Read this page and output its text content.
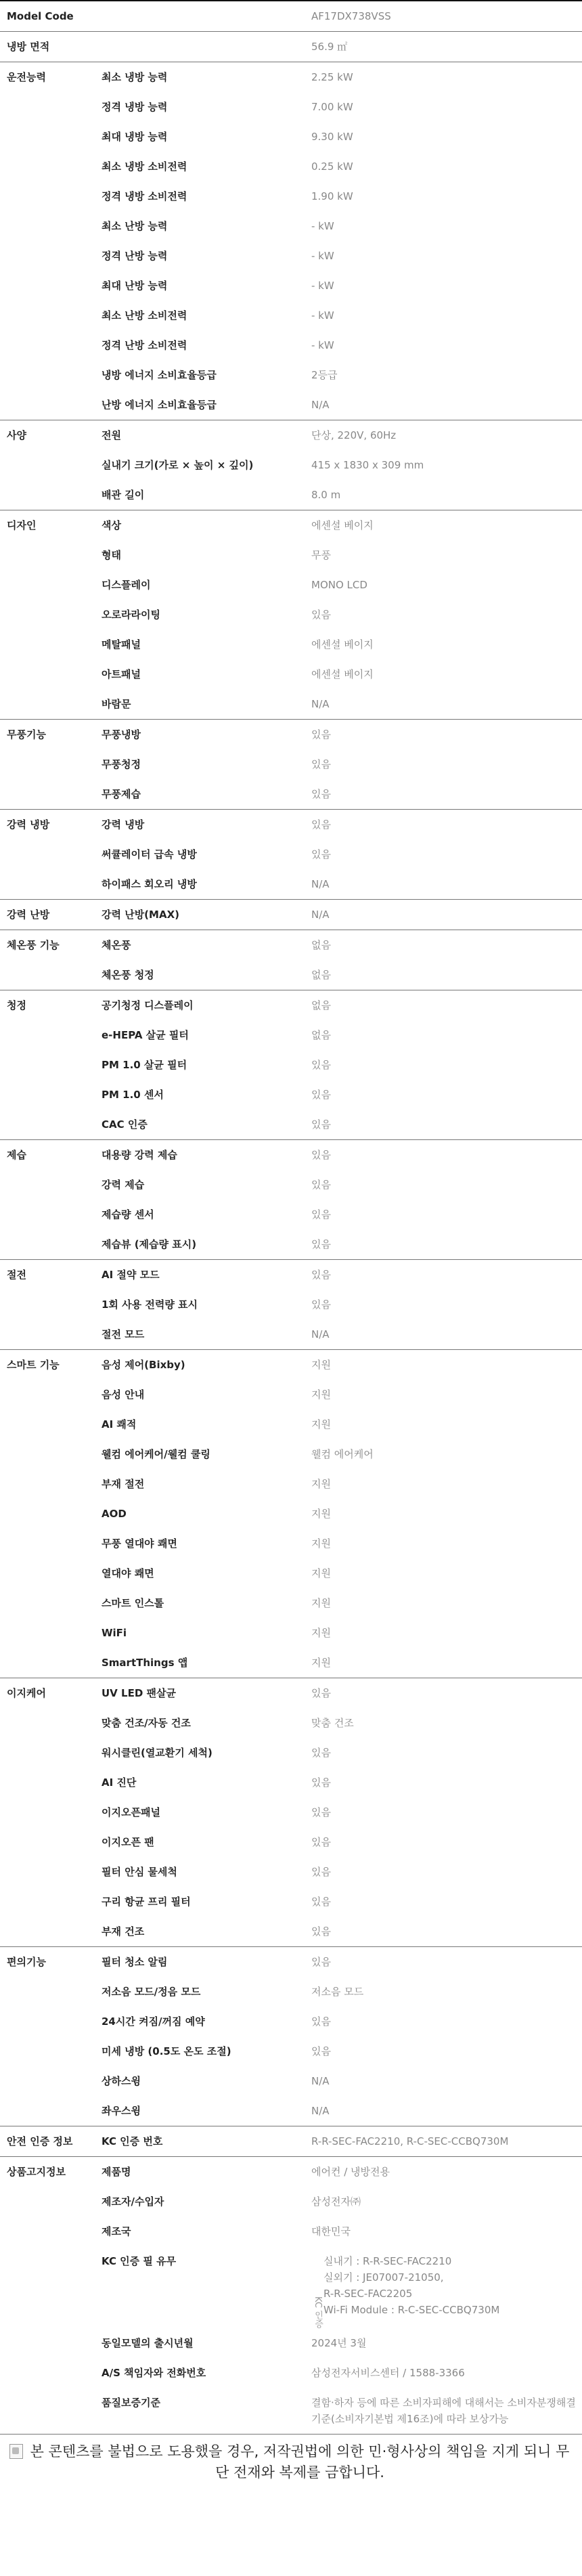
Model Code		AF17DX738VSS
냉방 면적		56.9 ㎡
운전능력	최소 냉방 능력	2.25 kW
	정격 냉방 능력	7.00 kW
	최대 냉방 능력	9.30 kW
	최소 냉방 소비전력	0.25 kW
	정격 냉방 소비전력	1.90 kW
	최소 난방 능력	- kW
	정격 난방 능력	- kW
	최대 난방 능력	- kW
	최소 난방 소비전력	- kW
	정격 난방 소비전력	- kW
	냉방 에너지 소비효율등급	2등급
	난방 에너지 소비효율등급	N/A
사양	전원	단상, 220V, 60Hz
	실내기 크기(가로 × 높이 × 깊이)	415 x 1830 x 309 mm
	배관 길이	8.0 m
디자인	색상	에센셜 베이지
	형태	무풍
	디스플레이	MONO LCD
	오로라라이팅	있음
	메탈패널	에센셜 베이지
	아트패널	에센셜 베이지
	바람문	N/A
무풍기능	무풍냉방	있음
	무풍청정	있음
	무풍제습	있음
강력 냉방	강력 냉방	있음
	써큘레이터 급속 냉방	있음
	하이패스 회오리 냉방	N/A
강력 난방	강력 난방(MAX)	N/A
체온풍 기능	체온풍	없음
	체온풍 청정	없음
청정	공기청정 디스플레이	없음
	e-HEPA 살균 필터	없음
	PM 1.0 살균 필터	있음
	PM 1.0 센서	있음
	CAC 인증	있음
제습	대용량 강력 제습	있음
	강력 제습	있음
	제습량 센서	있음
	제습뷰 (제습량 표시)	있음
절전	AI 절약 모드	있음
	1회 사용 전력량 표시	있음
	절전 모드	N/A
스마트 기능	음성 제어(Bixby)	지원
	음성 안내	지원
	AI 쾌적	지원
	웰컴 에어케어/웰컴 쿨링	웰컴 에어케어
	부재 절전	지원
	AOD	지원
	무풍 열대야 쾌면	지원
	열대야 쾌면	지원
	스마트 인스톨	지원
	WiFi	지원
	SmartThings 앱	지원
이지케어	UV LED 팬살균	있음
	맞춤 건조/자동 건조	맞춤 건조
	워시클린(열교환기 세척)	있음
	AI 진단	있음
	이지오픈패널	있음
	이지오픈 팬	있음
	필터 안심 물세척	있음
	구리 항균 프리 필터	있음
	부재 건조	있음
편의기능	필터 청소 알림	있음
	저소음 모드/정음 모드	저소음 모드
	24시간 켜짐/꺼짐 예약	있음
	미세 냉방 (0.5도 온도 조절)	있음
	상하스윙	N/A
	좌우스윙	N/A
안전 인증 정보	KC 인증 번호	R-R-SEC-FAC2210, R-C-SEC-CCBQ730M
상품고지정보	제품명	에어컨 / 냉방전용
	제조자/수입자	삼성전자㈜
	제조국	대한민국
	KC 인증 필 유무	KC 인증
실내기 : R-R-SEC-FAC2210
실외기 : JE07007-21050,
R-R-SEC-FAC2205
Wi-Fi Module : R-C-SEC-CCBQ730M

	동일모델의 출시년월	2024년 3월
	A/S 책임자와 전화번호	삼성전자서비스센터 / 1588-3366
	품질보증기준	결함·하자 등에 따른 소비자피해에 대해서는 소비자분쟁해결기준(소비자기본법 제16조)에 따라 보상가능
본 콘텐츠를 불법으로 도용했을 경우, 저작권법에 의한 민·형사상의 책임을 지게 되니 무단 전재와 복제를 금합니다.
